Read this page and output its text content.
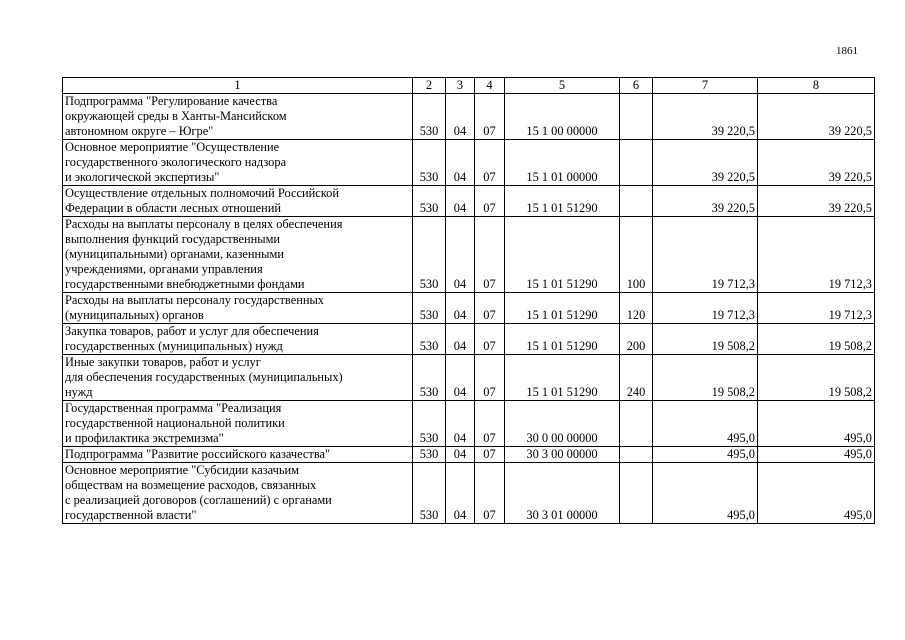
1861
1	2	3	4	5	6	7	8
Подпрограмма "Регулирование качества
окружающей среды в Ханты-Мансийском
автономном округе – Югре"	530	04	07	15 1 00 00000		39 220,5	39 220,5
Основное мероприятие "Осуществление
государственного экологического надзора
и экологической экспертизы"	530	04	07	15 1 01 00000		39 220,5	39 220,5
Осуществление отдельных полномочий Российской
Федерации в области лесных отношений	530	04	07	15 1 01 51290		39 220,5	39 220,5
Расходы на выплаты персоналу в целях обеспечения
выполнения функций государственными
(муниципальными) органами, казенными
учреждениями, органами управления
государственными внебюджетными фондами	530	04	07	15 1 01 51290	100	19 712,3	19 712,3
Расходы на выплаты персоналу государственных
(муниципальных) органов	530	04	07	15 1 01 51290	120	19 712,3	19 712,3
Закупка товаров, работ и услуг для обеспечения
государственных (муниципальных) нужд	530	04	07	15 1 01 51290	200	19 508,2	19 508,2
Иные закупки товаров, работ и услуг
для обеспечения государственных (муниципальных)
нужд	530	04	07	15 1 01 51290	240	19 508,2	19 508,2
Государственная программа "Реализация
государственной национальной политики
и профилактика экстремизма"	530	04	07	30 0 00 00000		495,0	495,0
Подпрограмма "Развитие российского казачества"	530	04	07	30 3 00 00000		495,0	495,0
Основное мероприятие "Субсидии казачьим
обществам на возмещение расходов, связанных
с реализацией договоров (соглашений) с органами
государственной власти"	530	04	07	30 3 01 00000		495,0	495,0
